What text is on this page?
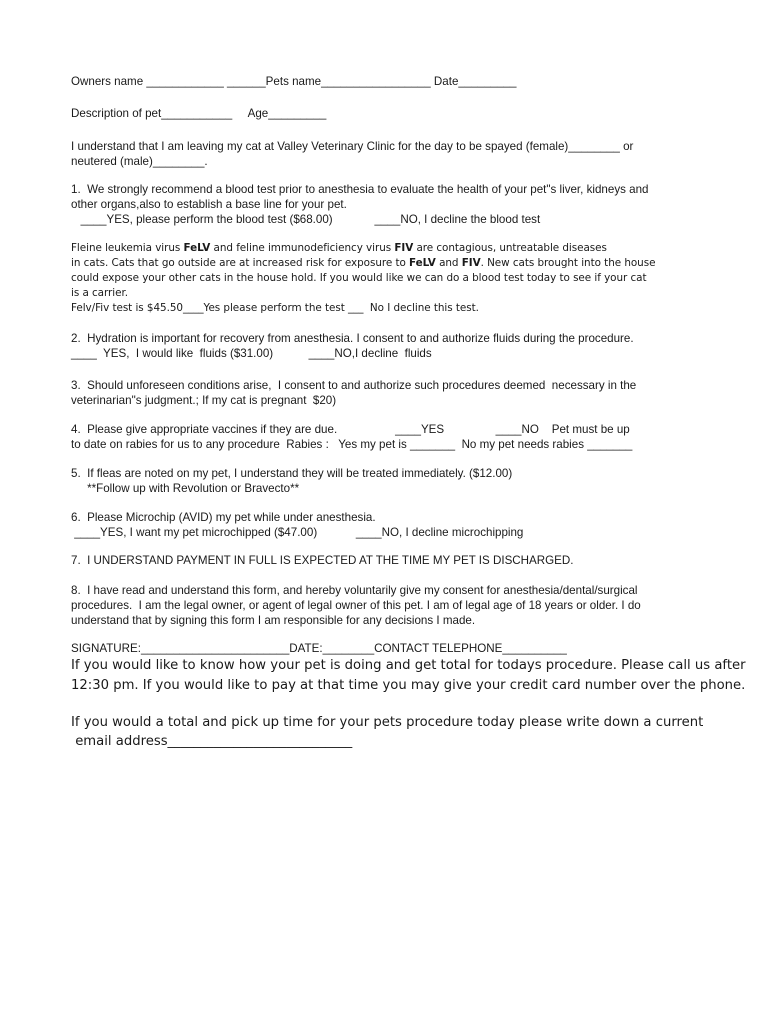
Owners name ____________ ______Pets name_________________ Date_________
Description of pet___________     Age_________
I understand that I am leaving my cat at Valley Veterinary Clinic for the day to be spayed (female)________ or
neutered (male)________.
1.  We strongly recommend a blood test prior to anesthesia to evaluate the health of your pet"s liver, kidneys and
other organs,also to establish a base line for your pet.
____YES, please perform the blood test ($68.00)             ____NO, I decline the blood test
Fleine leukemia virus FeLV and feline immunodeficiency virus FIV are contagious, untreatable diseases
in cats. Cats that go outside are at increased risk for exposure to FeLV and FIV. New cats brought into the house
could expose your other cats in the house hold. If you would like we can do a blood test today to see if your cat
is a carrier.
Felv/Fiv test is $45.50____Yes please perform the test ___  No I decline this test.
2.  Hydration is important for recovery from anesthesia. I consent to and authorize fluids during the procedure.
____  YES,  I would like  fluids ($31.00)           ____NO,I decline  fluids
3.  Should unforeseen conditions arise,  I consent to and authorize such procedures deemed  necessary in the
veterinarian"s judgment.; If my cat is pregnant  $20)
4.  Please give appropriate vaccines if they are due.                  ____YES                ____NO    Pet must be up
to date on rabies for us to any procedure  Rabies :   Yes my pet is _______  No my pet needs rabies _______
5.  If fleas are noted on my pet, I understand they will be treated immediately. ($12.00)
**Follow up with Revolution or Bravecto**
6.  Please Microchip (AVID) my pet while under anesthesia.
____YES, I want my pet microchipped ($47.00)            ____NO, I decline microchipping
7.  I UNDERSTAND PAYMENT IN FULL IS EXPECTED AT THE TIME MY PET IS DISCHARGED.
8.  I have read and understand this form, and hereby voluntarily give my consent for anesthesia/dental/surgical
procedures.  I am the legal owner, or agent of legal owner of this pet. I am of legal age of 18 years or older. I do
understand that by signing this form I am responsible for any decisions I made.
SIGNATURE:_______________________DATE:________CONTACT TELEPHONE__________
If you would like to know how your pet is doing and get total for todays procedure. Please call us after
12:30 pm. If you would like to pay at that time you may give your credit card number over the phone.
If you would a total and pick up time for your pets procedure today please write down a current
email address____________________________
